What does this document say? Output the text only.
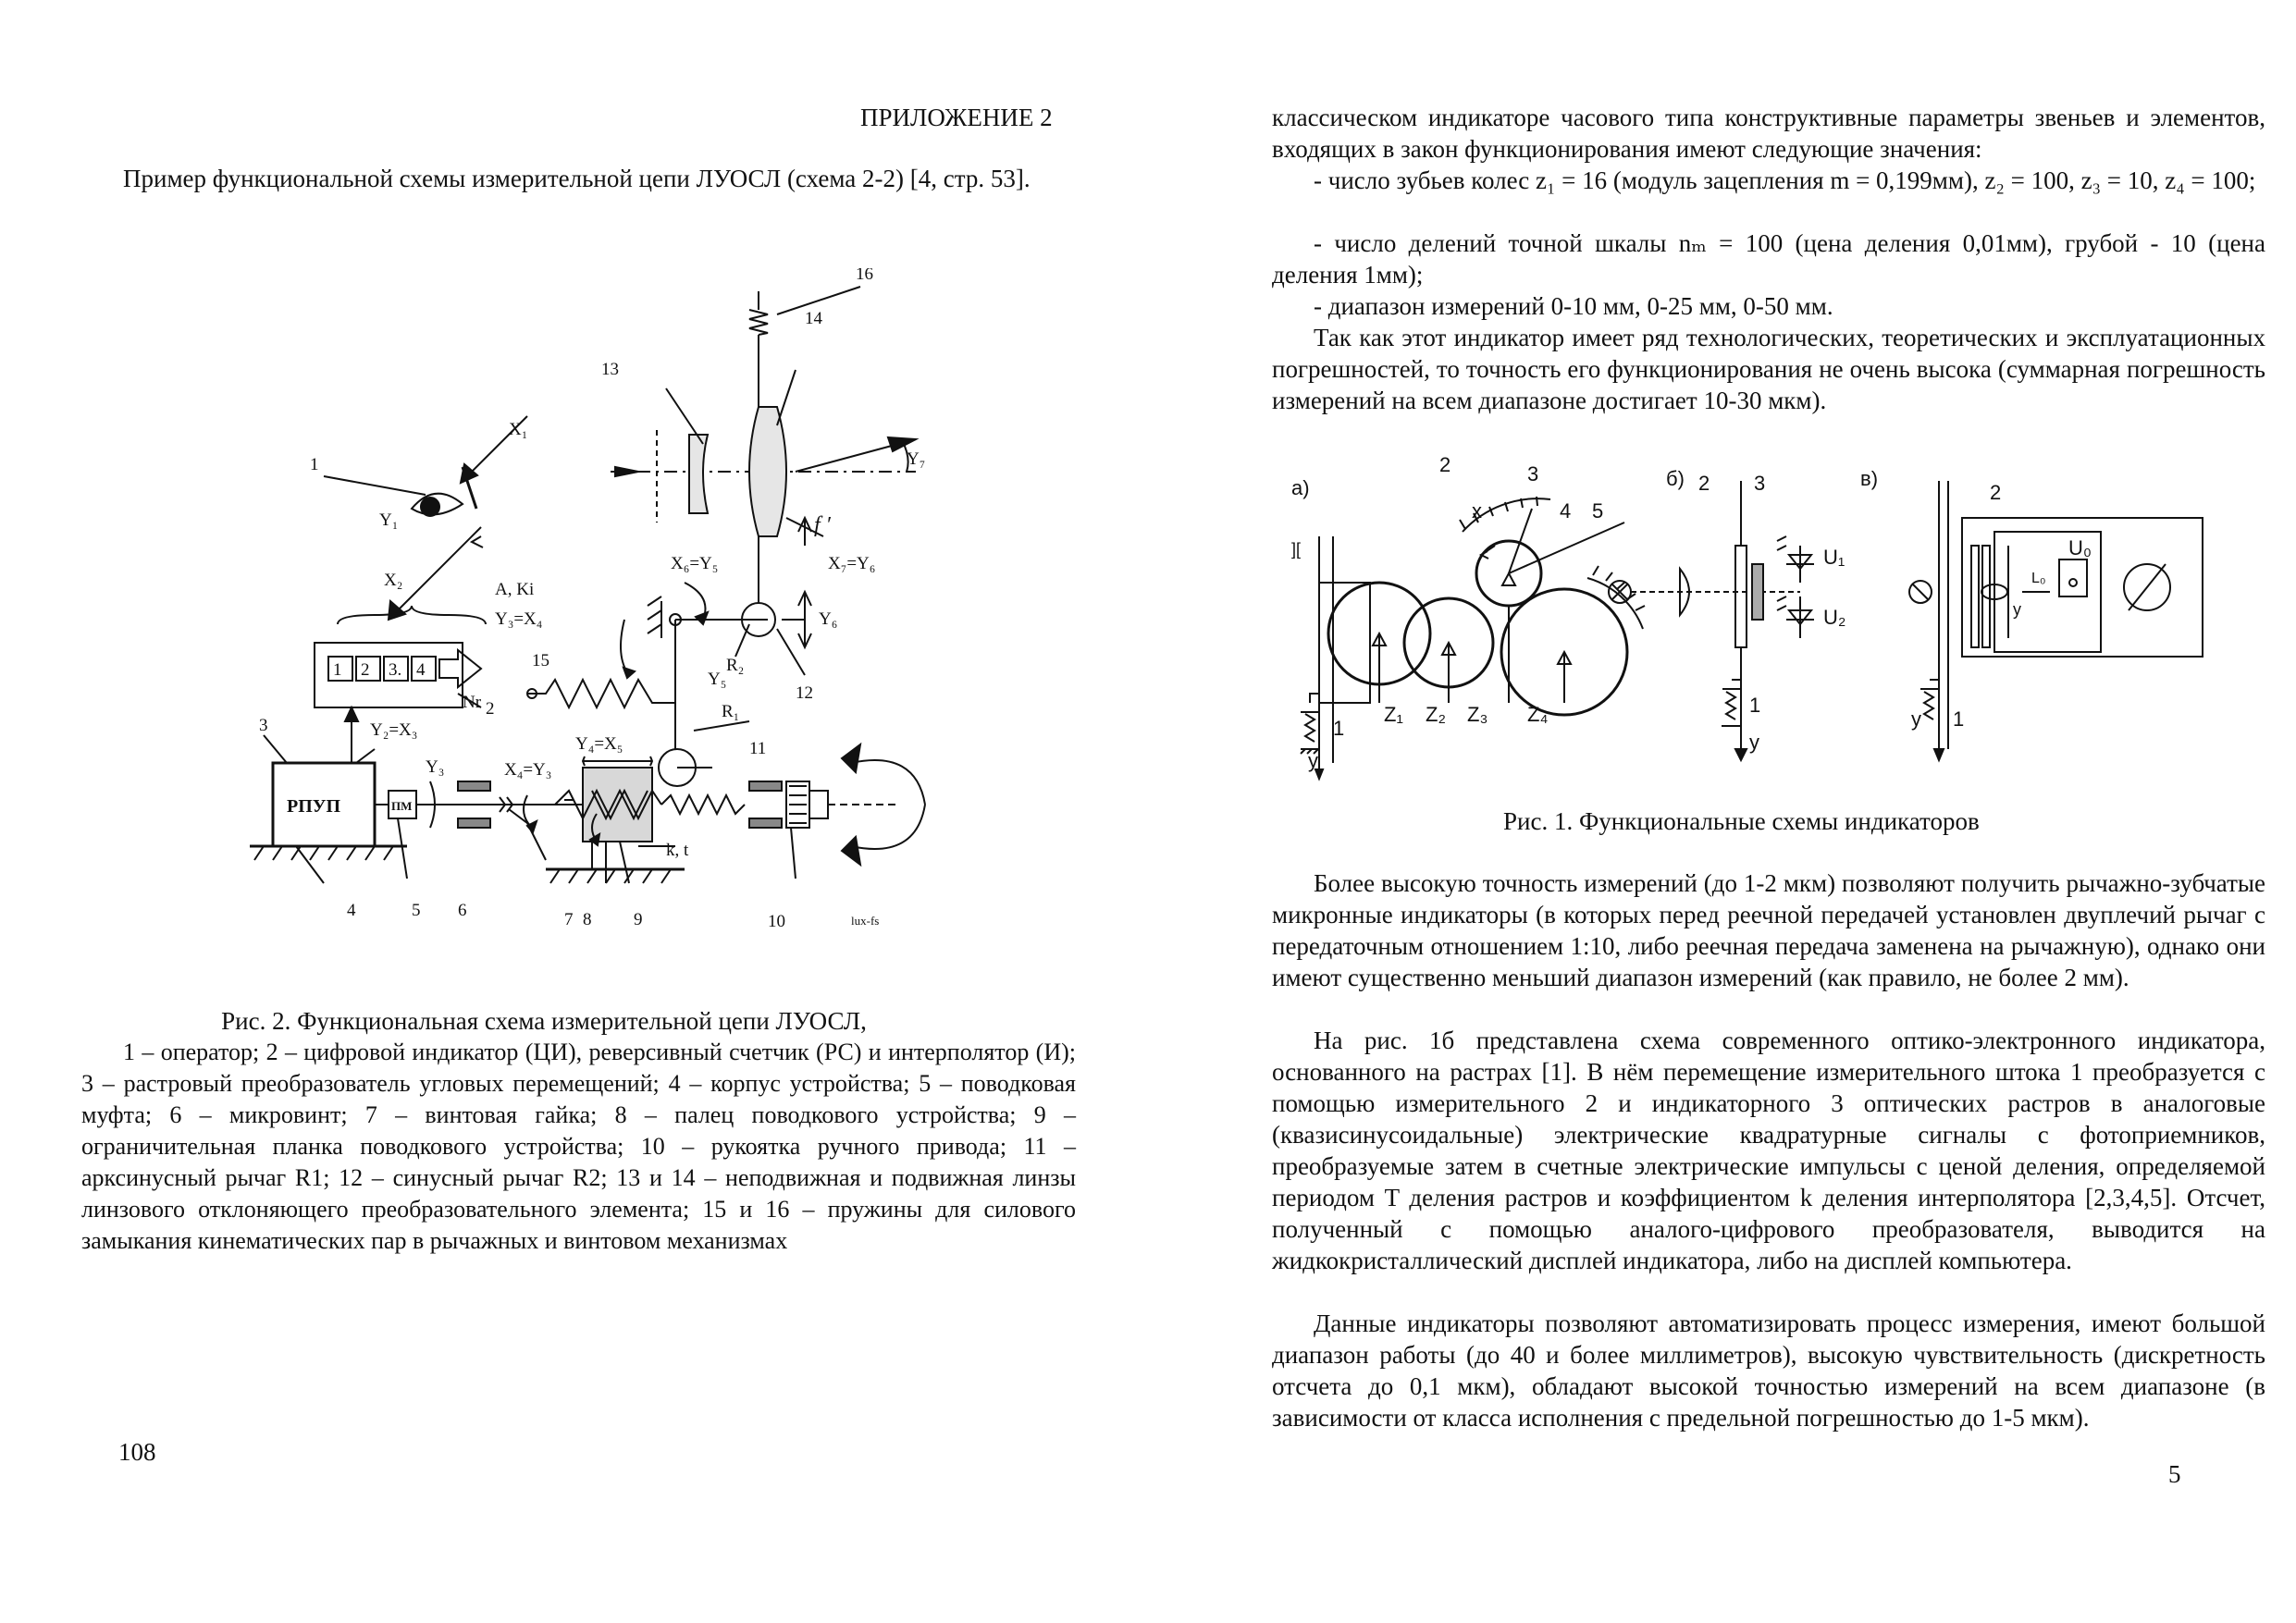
ПРИЛОЖЕНИЕ 2

Пример функциональной схемы измерительной цепи ЛУОСЛ (схема 2-2) [4, стр. 53].

16
14
13
Y₇
f ′
X₁
1
Y₁
X₂	A, Ki
1 2 3. 4
2
3	Y₂=X₃
Nr
РПУП	ПМ
Y₃	X₄=Y₃
Y₄=X₅
Y₃=X₄
k, t
R₁
11
15	R₂
Y₅
X₆=Y₅	X₇=Y₆
Y₆
12
4	5 6	7 8 9	10	lux-fs

Рис. 2. Функциональная схема измерительной цепи ЛУОСЛ,

1 – оператор; 2 – цифровой индикатор (ЦИ), реверсивный счетчик (РС) и интерполятор (И); 3 – растровый преобразователь угловых перемещений; 4 – корпус устройства; 5 – поводковая муфта; 6 – микровинт; 7 – винтовая гайка; 8 – палец поводкового устройства; 9 – ограничительная планка поводкового устройства; 10 – рукоятка ручного привода; 11 – арксинусный рычаг R1; 12 – синусный рычаг R2; 13 и 14 – неподвижная и подвижная линзы линзового отклоняющего преобразовательного элемента; 15 и 16 – пружины для силового замыкания кинематических пар в рычажных и винтовом механизмах

108

классическом индикаторе часового типа конструктивные параметры звеньев и элементов, входящих в закон функционирования имеют следующие значения:

- число зубьев колес z₁ = 16 (модуль зацепления m = 0,199мм), z₂ = 100, z₃ = 10, z₄ = 100;

- число делений точной шкалы nₘ = 100 (цена деления 0,01мм), грубой - 10 (цена деления 1мм);

- диапазон измерений 0-10 мм, 0-25 мм, 0-50 мм.

Так как этот индикатор имеет ряд технологических, теоретических и эксплуатационных погрешностей, то точность его функционирования не очень высока (суммарная погрешность измерений на всем диапазоне достигает 10-30 мкм).

а)
][
2	3
4 5
x
Z₁ Z₂ Z₃ Z₄
1
y
б) 2 3
U₁
U₂
1
y
в)
2
U₀
L₀
y
y 1

Рис. 1. Функциональные схемы индикаторов

Более высокую точность измерений (до 1-2 мкм) позволяют получить рычажно-зубчатые микронные индикаторы (в которых перед реечной передачей установлен двуплечий рычаг с передаточным отношением 1:10, либо реечная передача заменена на рычажную), однако они имеют существенно меньший диапазон измерений (как правило, не более 2 мм).

На рис. 1б представлена схема современного оптико-электронного индикатора, основанного на растрах [1]. В нём перемещение измерительного штока 1 преобразуется с помощью измерительного 2 и индикаторного 3 оптических растров в аналоговые (квазисинусоидальные) электрические квадратурные сигналы с фотоприемников, преобразуемые затем в счетные электрические импульсы с ценой деления, определяемой периодом T деления растров и коэффициентом k деления интерполятора [2,3,4,5]. Отсчет, полученный с помощью аналого-цифрового преобразователя, выводится на жидкокристаллический дисплей индикатора, либо на дисплей компьютера.

Данные индикаторы позволяют автоматизировать процесс измерения, имеют большой диапазон работы (до 40 и более миллиметров), высокую чувствительность (дискретность отсчета до 0,1 мкм), обладают высокой точностью измерений на всем диапазоне (в зависимости от класса исполнения с предельной погрешностью до 1-5 мкм).

5
